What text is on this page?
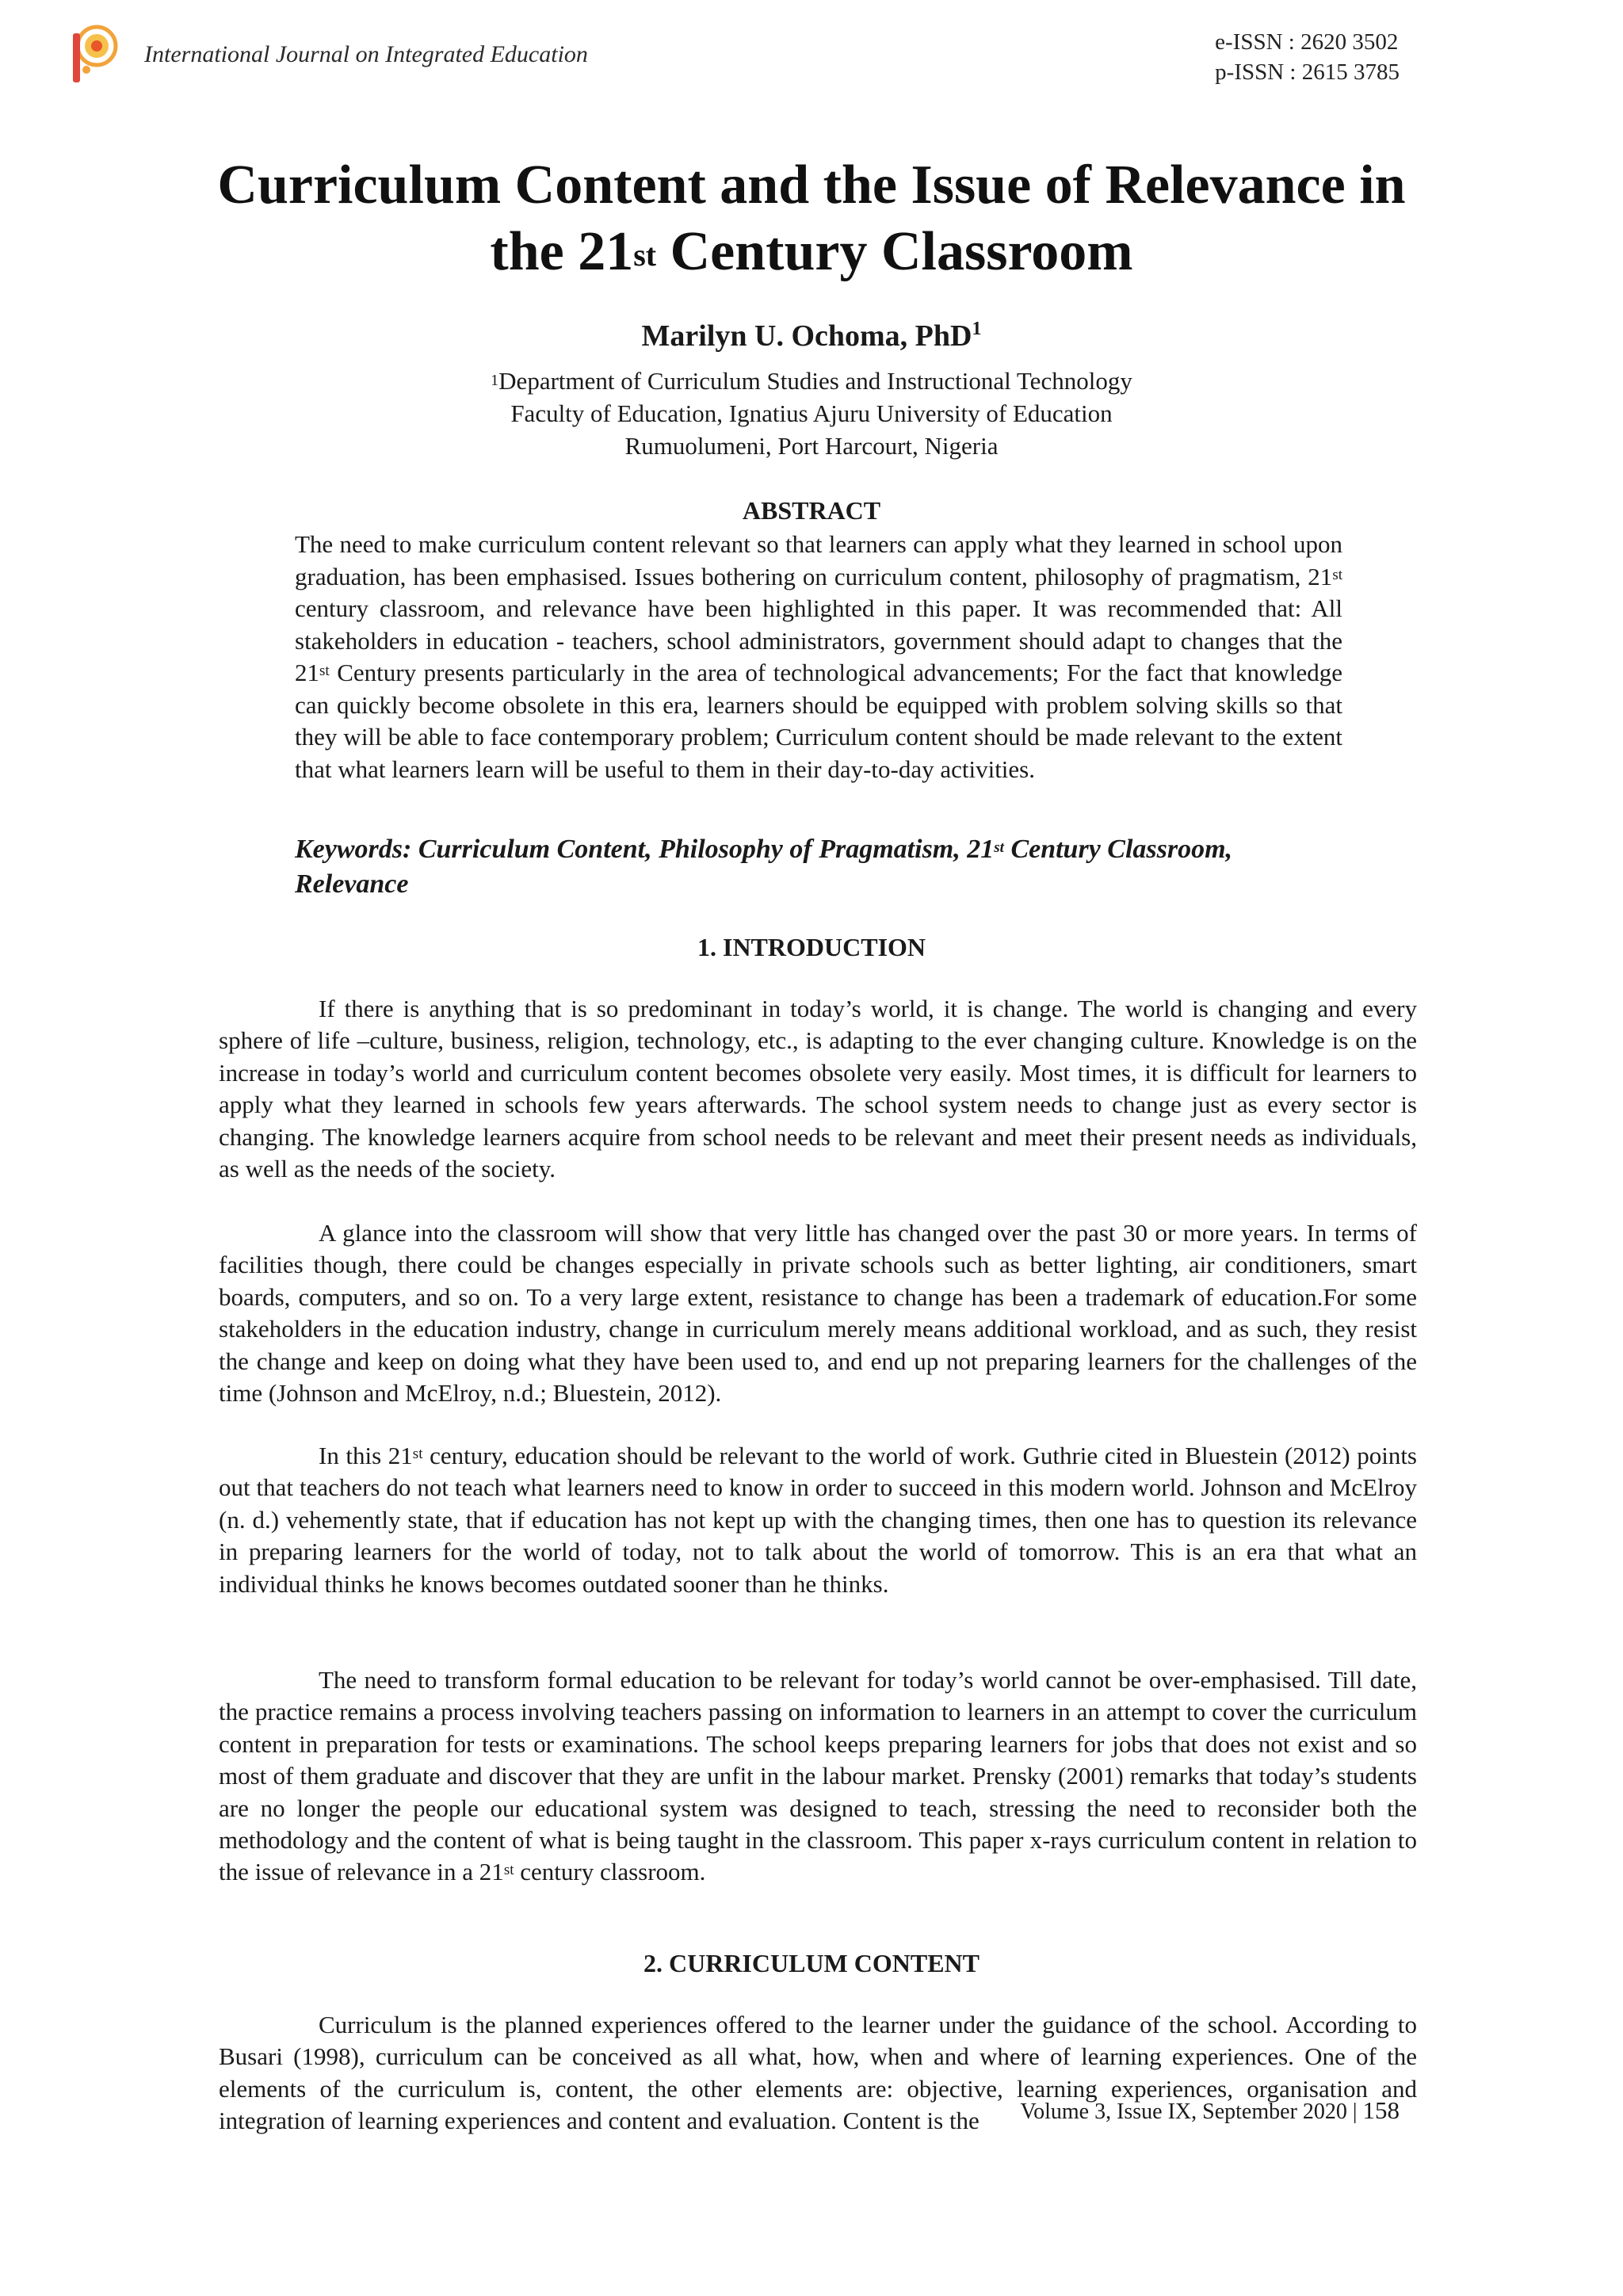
International Journal on Integrated Education	e-ISSN : 2620 3502
p-ISSN : 2615 3785
Curriculum Content and the Issue of Relevance in
the 21st Century Classroom
Marilyn U. Ochoma, PhD$^1$
$^1$Department of Curriculum Studies and Instructional Technology
Faculty of Education, Ignatius Ajuru University of Education
Rumuolumeni, Port Harcourt, Nigeria
ABSTRACT
The need to make curriculum content relevant so that learners can apply what they learned in school upon graduation, has been emphasised. Issues bothering on curriculum content, philosophy of pragmatism, 21st century classroom, and relevance have been highlighted in this paper. It was recommended that: All stakeholders in education - teachers, school administrators, government should adapt to changes that the 21st Century presents particularly in the area of technological advancements; For the fact that knowledge can quickly become obsolete in this era, learners should be equipped with problem solving skills so that they will be able to face contemporary problem; Curriculum content should be made relevant to the extent that what learners learn will be useful to them in their day-to-day activities.
Keywords: Curriculum Content, Philosophy of Pragmatism, 21st Century Classroom, Relevance
1. INTRODUCTION

If there is anything that is so predominant in today’s world, it is change. The world is changing and every sphere of life –culture, business, religion, technology, etc., is adapting to the ever changing culture. Knowledge is on the increase in today’s world and curriculum content becomes obsolete very easily. Most times, it is difficult for learners to apply what they learned in schools few years afterwards. The school system needs to change just as every sector is changing. The knowledge learners acquire from school needs to be relevant and meet their present needs as individuals, as well as the needs of the society.

A glance into the classroom will show that very little has changed over the past 30 or more years. In terms of facilities though, there could be changes especially in private schools such as better lighting, air conditioners, smart boards, computers, and so on. To a very large extent, resistance to change has been a trademark of education.For some stakeholders in the education industry, change in curriculum merely means additional workload, and as such, they resist the change and keep on doing what they have been used to, and end up not preparing learners for the challenges of the time (Johnson and McElroy, n.d.; Bluestein, 2012).

In this 21st century, education should be relevant to the world of work. Guthrie cited in Bluestein (2012) points out that teachers do not teach what learners need to know in order to succeed in this modern world. Johnson and McElroy (n. d.) vehemently state, that if education has not kept up with the changing times, then one has to question its relevance in preparing learners for the world of today, not to talk about the world of tomorrow. This is an era that what an individual thinks he knows becomes outdated sooner than he thinks.

The need to transform formal education to be relevant for today’s world cannot be over-emphasised. Till date, the practice remains a process involving teachers passing on information to learners in an attempt to cover the curriculum content in preparation for tests or examinations. The school keeps preparing learners for jobs that does not exist and so most of them graduate and discover that they are unfit in the labour market. Prensky (2001) remarks that today’s students are no longer the people our educational system was designed to teach, stressing the need to reconsider both the methodology and the content of what is being taught in the classroom. This paper x-rays curriculum content in relation to the issue of relevance in a 21st century classroom.

2. CURRICULUM CONTENT

Curriculum is the planned experiences offered to the learner under the guidance of the school. According to Busari (1998), curriculum can be conceived as all what, how, when and where of learning experiences. One of the elements of the curriculum is, content, the other elements are: objective, learning experiences, organisation and integration of learning experiences and content and evaluation. Content is the	Volume 3, Issue IX, September 2020 | 158
